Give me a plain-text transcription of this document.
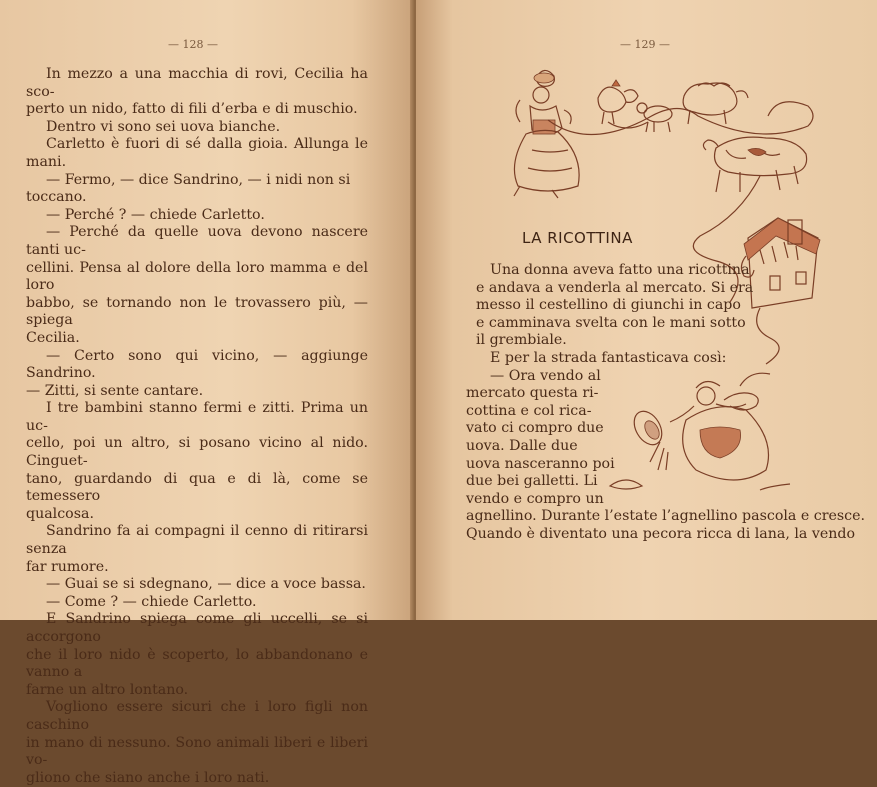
— 128 —

In mezzo a una macchia di rovi, Cecilia ha sco-

perto un nido, fatto di fili d’erba e di muschio.

Dentro vi sono sei uova bianche.

Carletto è fuori di sé dalla gioia. Allunga le mani.

— Fermo, — dice Sandrino, — i nidi non si

toccano.

— Perché ? — chiede Carletto.

— Perché da quelle uova devono nascere tanti uc-

cellini. Pensa al dolore della loro mamma e del loro

babbo, se tornando non le trovassero più, — spiega

Cecilia.

— Certo sono qui vicino, — aggiunge Sandrino.

— Zitti, si sente cantare.

I tre bambini stanno fermi e zitti. Prima un uc-

cello, poi un altro, si posano vicino al nido. Cinguet-

tano, guardando di qua e di là, come se temessero

qualcosa.

Sandrino fa ai compagni il cenno di ritirarsi senza

far rumore.

— Guai se si sdegnano, — dice a voce bassa.

— Come ? — chiede Carletto.

E Sandrino spiega come gli uccelli, se si accorgono

che il loro nido è scoperto, lo abbandonano e vanno a

farne un altro lontano.

Vogliono essere sicuri che i loro figli non caschino

in mano di nessuno. Sono animali liberi e liberi vo-

gliono che siano anche i loro nati.

— 129 —
LA RICOTTINA
Una donna aveva fatto una ricottina
e andava a venderla al mercato. Si era
messo il cestellino di giunchi in capo
e camminava svelta con le mani sotto
il grembiale.
E per la strada fantasticava così:
— Ora vendo al
mercato questa ri-
cottina e col rica-
vato ci compro due
uova. Dalle due
uova nasceranno poi
due bei galletti. Li
vendo e compro un
agnellino. Durante l’estate l’agnellino pascola e cresce.
Quando è diventato una pecora ricca di lana, la vendo
